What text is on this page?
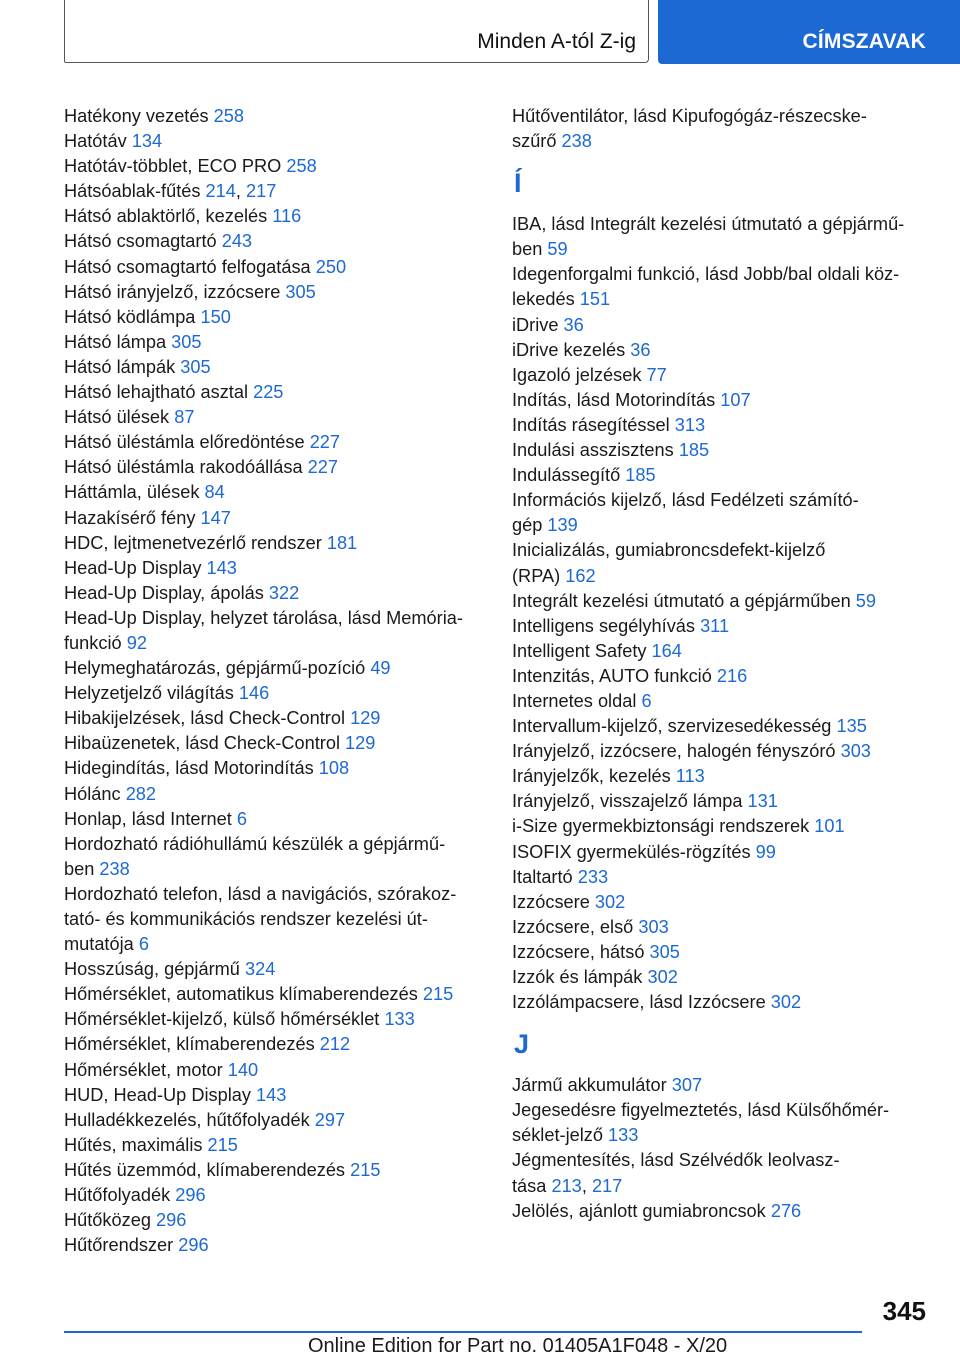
Minden A-tól Z-ig	CÍMSZAVAK
Hatékony vezetés 258
Hatótáv 134
Hatótáv-többlet, ECO PRO 258
Hátsóablak-fűtés 214, 217
Hátsó ablaktörlő, kezelés 116
Hátsó csomagtartó 243
Hátsó csomagtartó felfogatása 250
Hátsó irányjelző, izzócsere 305
Hátsó ködlámpa 150
Hátsó lámpa 305
Hátsó lámpák 305
Hátsó lehajtható asztal 225
Hátsó ülések 87
Hátsó üléstámla előredöntése 227
Hátsó üléstámla rakodóállása 227
Háttámla, ülések 84
Hazakísérő fény 147
HDC, lejtmenetvezérlő rendszer 181
Head-Up Display 143
Head-Up Display, ápolás 322
Head-Up Display, helyzet tárolása, lásd Memória-
funkció 92
Helymeghatározás, gépjármű-pozíció 49
Helyzetjelző világítás 146
Hibakijelzések, lásd Check-Control 129
Hibaüzenetek, lásd Check-Control 129
Hidegindítás, lásd Motorindítás 108
Hólánc 282
Honlap, lásd Internet 6
Hordozható rádióhullámú készülék a gépjármű-
ben 238
Hordozható telefon, lásd a navigációs, szórakoz-
tató- és kommunikációs rendszer kezelési út-
mutatója 6
Hosszúság, gépjármű 324
Hőmérséklet, automatikus klímaberendezés 215
Hőmérséklet-kijelző, külső hőmérséklet 133
Hőmérséklet, klímaberendezés 212
Hőmérséklet, motor 140
HUD, Head-Up Display 143
Hulladékkezelés, hűtőfolyadék 297
Hűtés, maximális 215
Hűtés üzemmód, klímaberendezés 215
Hűtőfolyadék 296
Hűtőközeg 296
Hűtőrendszer 296
Hűtőventilátor, lásd Kipufogógáz-részecske-
szűrő 238
Í
IBA, lásd Integrált kezelési útmutató a gépjármű-
ben 59
Idegenforgalmi funkció, lásd Jobb/bal oldali köz-
lekedés 151
iDrive 36
iDrive kezelés 36
Igazoló jelzések 77
Indítás, lásd Motorindítás 107
Indítás rásegítéssel 313
Indulási asszisztens 185
Indulássegítő 185
Információs kijelző, lásd Fedélzeti számító-
gép 139
Inicializálás, gumiabroncsdefekt-kijelző
(RPA) 162
Integrált kezelési útmutató a gépjárműben 59
Intelligens segélyhívás 311
Intelligent Safety 164
Intenzitás, AUTO funkció 216
Internetes oldal 6
Intervallum-kijelző, szervizesedékesség 135
Irányjelző, izzócsere, halogén fényszóró 303
Irányjelzők, kezelés 113
Irányjelző, visszajelző lámpa 131
i-Size gyermekbiztonsági rendszerek 101
ISOFIX gyermekülés-rögzítés 99
Italtartó 233
Izzócsere 302
Izzócsere, első 303
Izzócsere, hátsó 305
Izzók és lámpák 302
Izzólámpacsere, lásd Izzócsere 302
J
Jármű akkumulátor 307
Jegesedésre figyelmeztetés, lásd Külsőhőmér-
séklet-jelző 133
Jégmentesítés, lásd Szélvédők leolvasz-
tása 213, 217
Jelölés, ajánlott gumiabroncsok 276
345
Online Edition for Part no. 01405A1F048 - X/20
